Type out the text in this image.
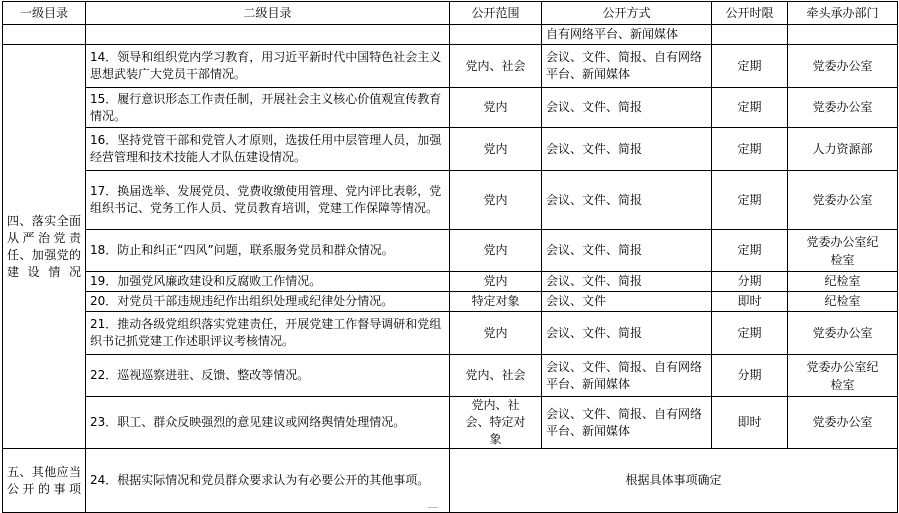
一级目录	二级目录	公开范围	公开方式	公开时限	牵头承办部门
			自有网络平台、新闻媒体		
四、落实全面从严治党责任、加强党的建设情况	14．领导和组织党内学习教育，用习近平新时代中国特色社会主义思想武装广大党员干部情况。	党内、社会	会议、文件、简报、自有网络平台、新闻媒体	定期	党委办公室
	15．履行意识形态工作责任制，开展社会主义核心价值观宣传教育情况。	党内	会议、文件、简报	定期	党委办公室
	16．坚持党管干部和党管人才原则，选拔任用中层管理人员，加强经营管理和技术技能人才队伍建设情况。	党内	会议、文件、简报	定期	人力资源部
	17．换届选举、发展党员、党费收缴使用管理、党内评比表彰，党组织书记、党务工作人员、党员教育培训，党建工作保障等情况。	党内	会议、文件、简报	定期	党委办公室
	18．防止和纠正“四风”问题，联系服务党员和群众情况。	党内	会议、文件、简报	定期	党委办公室纪检室
	19．加强党风廉政建设和反腐败工作情况。	党内	会议、文件、简报	分期	纪检室
	20．对党员干部违规违纪作出组织处理或纪律处分情况。	特定对象	会议、文件	即时	纪检室
	21．推动各级党组织落实党建责任，开展党建工作督导调研和党组织书记抓党建工作述职评议考核情况。	党内	会议、文件、简报	定期	党委办公室
	22．巡视巡察进驻、反馈、整改等情况。	党内、社会	会议、文件、简报、自有网络平台、新闻媒体	分期	党委办公室纪检室
	23．职工、群众反映强烈的意见建议或网络舆情处理情况。	党内、社会、特定对象	会议、文件、简报、自有网络平台、新闻媒体	即时	党委办公室
五、其他应当公开的事项	24．根据实际情况和党员群众要求认为有必要公开的其他事项。	根据具体事项确定			
